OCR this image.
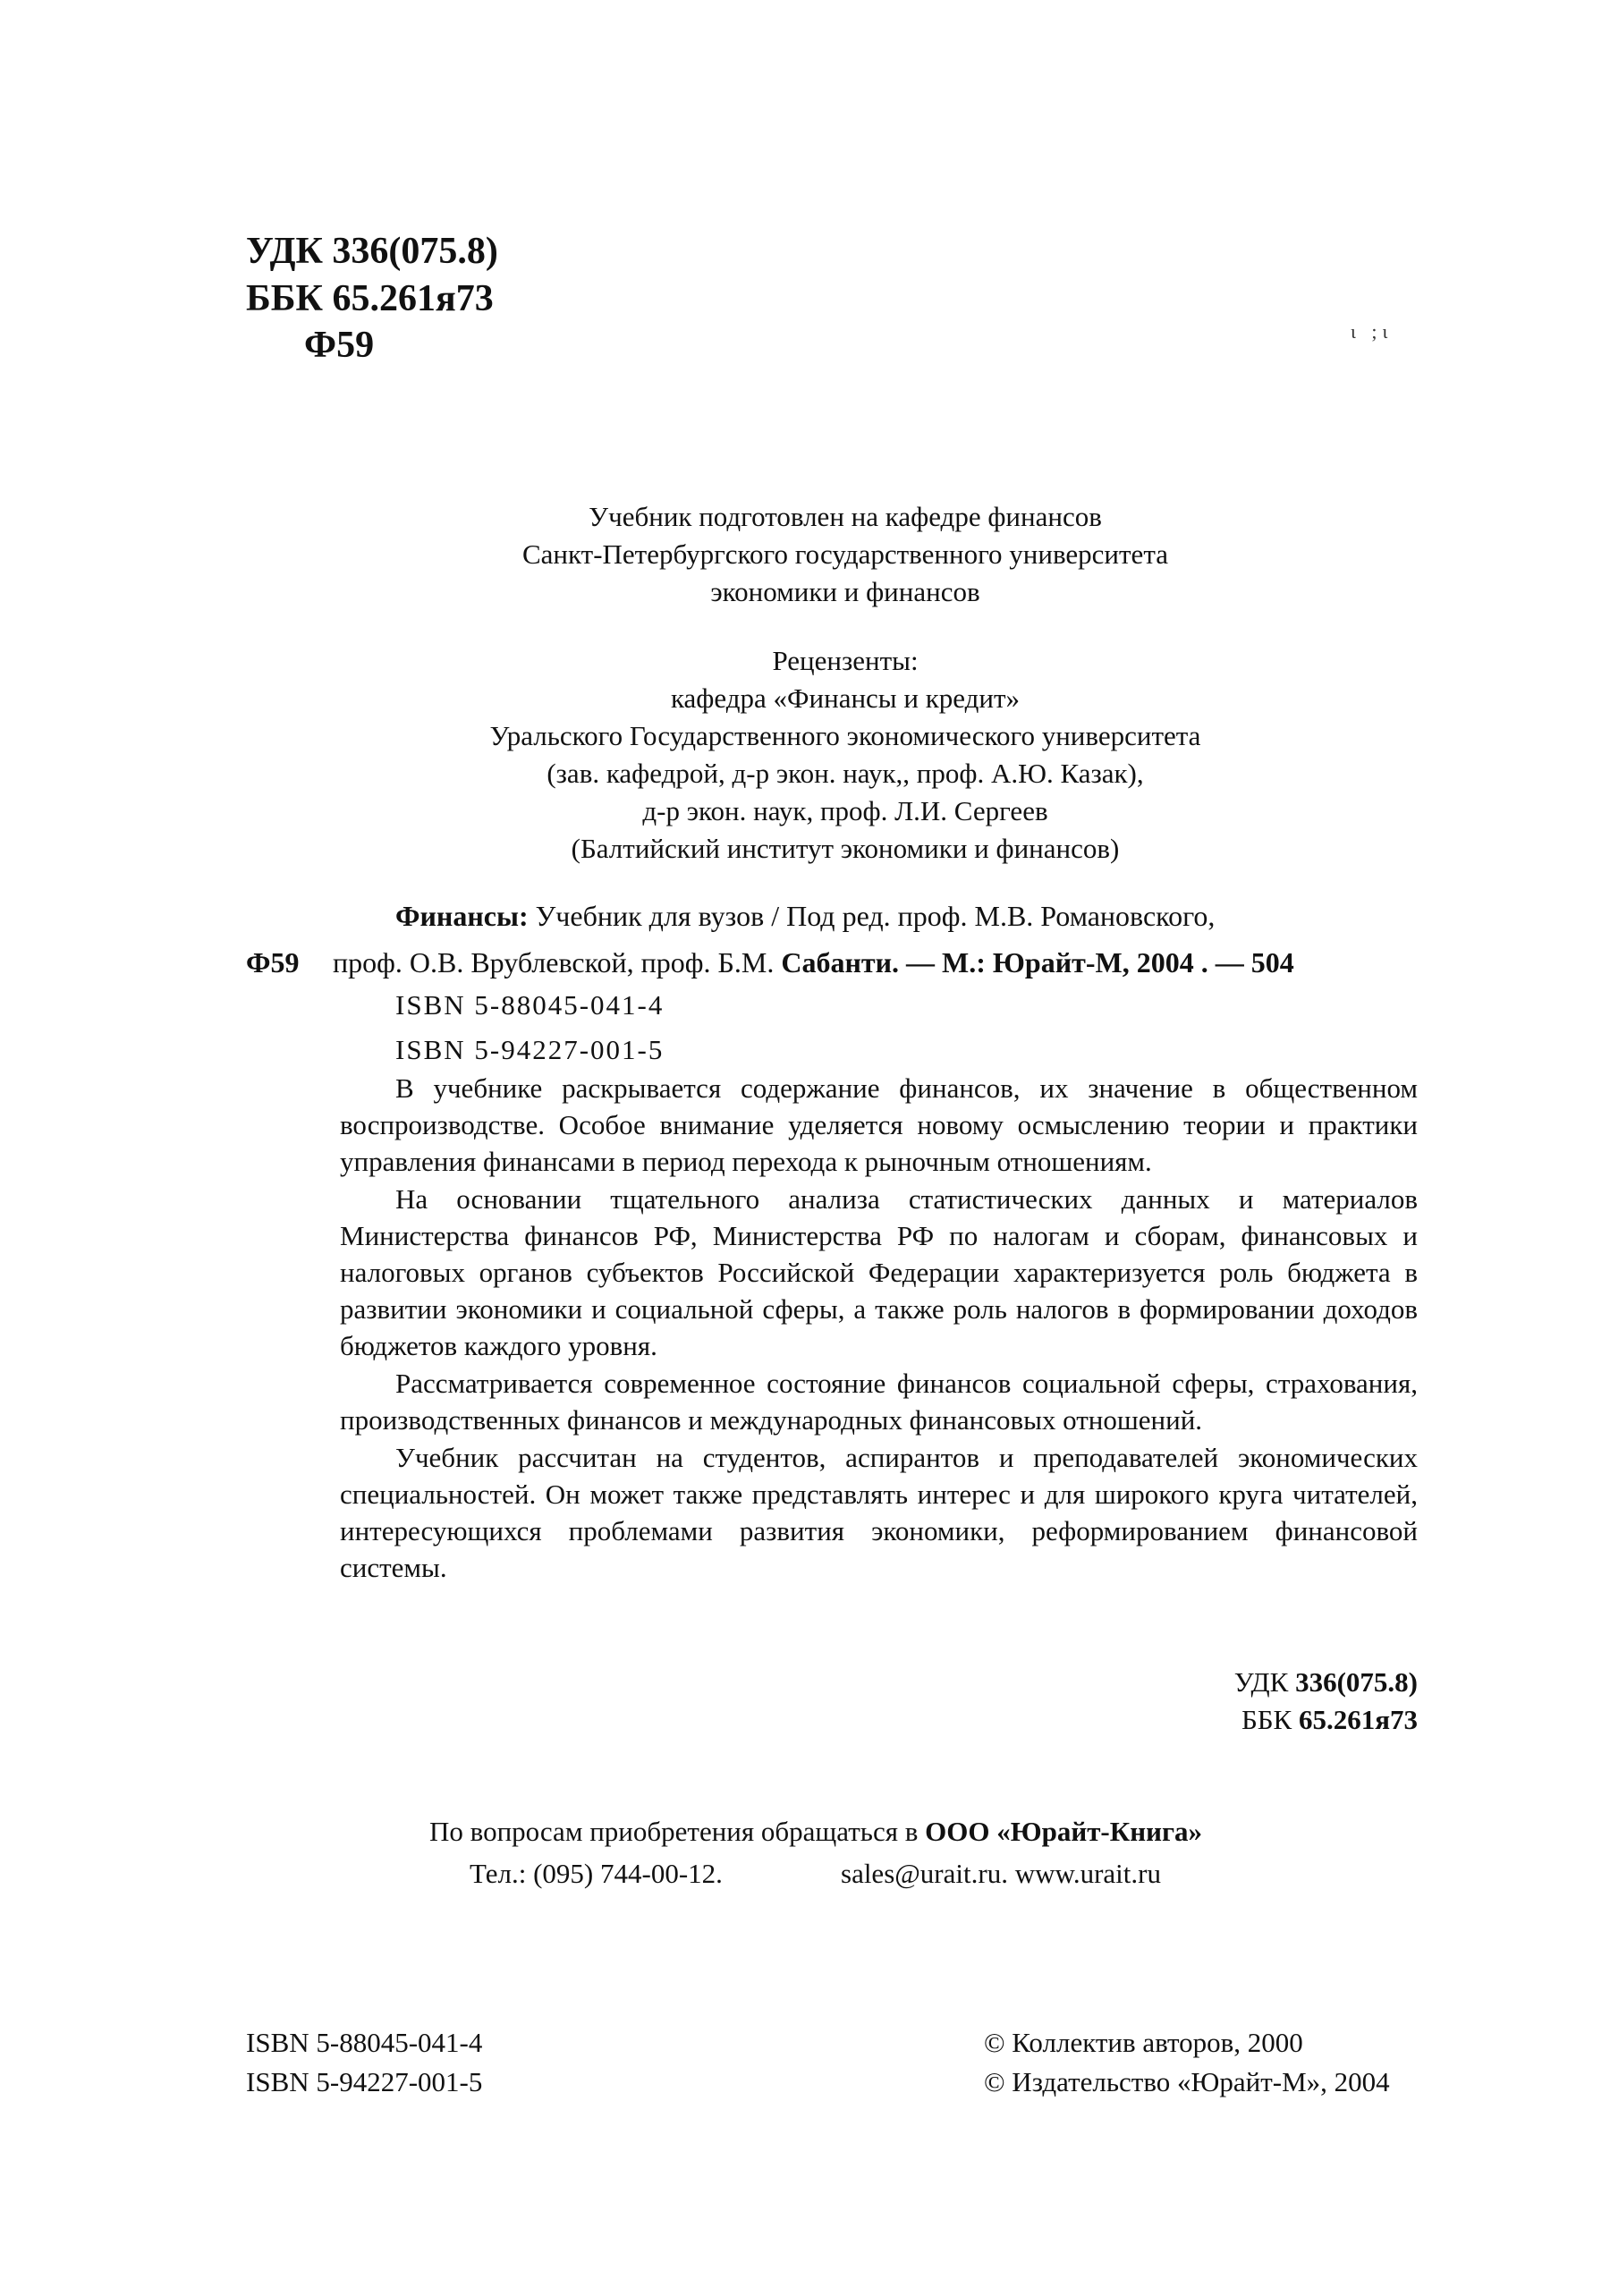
УДК 336(075.8)
ББК 65.261я73
Ф59	ι ;ι
Учебник подготовлен на кафедре финансов
Санкт-Петербургского государственного университета
экономики и финансов
Рецензенты:
кафедра «Финансы и кредит»
Уральского Государственного экономического университета
(зав. кафедрой, д-р экон. наук,, проф. А.Ю. Казак),
д-р экон. наук, проф. Л.И. Сергеев
(Балтийский институт экономики и финансов)
Финансы: Учебник для вузов / Под ред. проф. М.В. Романовского,
Ф59 проф. О.В. Врублевской, проф. Б.М. Сабанти. — М.: Юрайт-М, 2004 . — 504
ISBN 5-88045-041-4
ISBN 5-94227-001-5

В учебнике раскрывается содержание финансов, их значение в общественном воспроизводстве. Особое внимание уделяется новому осмыслению теории и практики управления финансами в период перехода к рыночным отношениям.

На основании тщательного анализа статистических данных и материалов Министерства финансов РФ, Министерства РФ по налогам и сборам, финансовых и налоговых органов субъектов Российской Федерации характеризуется роль бюджета в развитии экономики и социальной сферы, а также роль налогов в формировании доходов бюджетов каждого уровня.

Рассматривается современное состояние финансов социальной сферы, страхования, производственных финансов и международных финансовых отношений.

Учебник рассчитан на студентов, аспирантов и преподавателей экономических специальностей. Он может также представлять интерес и для широкого круга читателей, интересующихся проблемами развития экономики, реформированием финансовой системы.

УДК 336(075.8)
ББК 65.261я73
По вопросам приобретения обращаться в ООО «Юрайт-Книга»
Тел.: (095) 744-00-12.	sales@urait.ru. www.urait.ru
ISBN 5-88045-041-4
ISBN 5-94227-001-5
© Коллектив авторов, 2000
© Издательство «Юрайт-М», 2004
